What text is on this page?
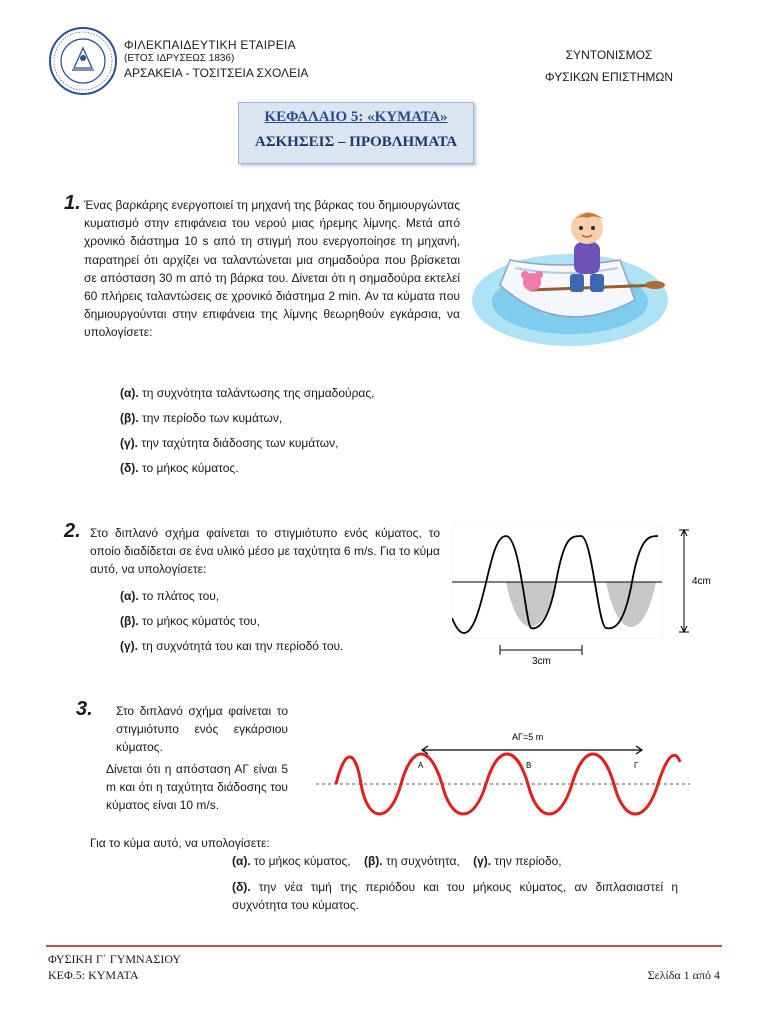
ΦΙΛΕΚΠΑΙΔΕΥΤΙΚΗ ΕΤΑΙΡΕΙΑ
(ΕΤΟΣ ΙΔΡΥΣΕΩΣ 1836)
ΑΡΣΑΚΕΙΑ - ΤΟΣΙΤΣΕΙΑ ΣΧΟΛΕΙΑ
ΣΥΝΤΟΝΙΣΜΟΣ
ΦΥΣΙΚΩΝ ΕΠΙΣΤΗΜΩΝ
ΚΕΦΑΛΑΙΟ 5: «ΚΥΜΑΤΑ»
ΑΣΚΗΣΕΙΣ – ΠΡΟΒΛΗΜΑΤΑ
1. Ένας βαρκάρης ενεργοποιεί τη μηχανή της βάρκας του δημιουργώντας κυματισμό στην επιφάνεια του νερού μιας ήρεμης λίμνης. Μετά από χρονικό διάστημα 10 s από τη στιγμή που ενεργοποίησε τη μηχανή, παρατηρεί ότι αρχίζει να ταλαντώνεται μια σημαδούρα που βρίσκεται σε απόσταση 30 m από τη βάρκα του. Δίνεται ότι η σημαδούρα εκτελεί 60 πλήρεις ταλαντώσεις σε χρονικό διάστημα 2 min. Αν τα κύματα που δημιουργούνται στην επιφάνεια της λίμνης θεωρηθούν εγκάρσια, να υπολογίσετε:
(α). τη συχνότητα ταλάντωσης της σημαδούρας,
(β). την περίοδο των κυμάτων,
(γ). την ταχύτητα διάδοσης των κυμάτων,
(δ). το μήκος κύματος.
2. Στο διπλανό σχήμα φαίνεται το στιγμιότυπο ενός κύματος, το οποίο διαδίδεται σε ένα υλικό μέσο με ταχύτητα 6 m/s. Για το κύμα αυτό, να υπολογίσετε:
(α). το πλάτος του,
(β). το μήκος κύματός του,
(γ). τη συχνότητά του και την περίοδό του.
4cm
3cm
3. Στο διπλανό σχήμα φαίνεται το στιγμιότυπο ενός εγκάρσιου κύματος.
Δίνεται ότι η απόσταση ΑΓ είναι 5 m και ότι η ταχύτητα διάδοσης του κύματος είναι 10 m/s.
Για το κύμα αυτό, να υπολογίσετε:
(α). το μήκος κύματος, (β). τη συχνότητα, (γ). την περίοδο,
(δ). την νέα τιμή της περιόδου και του μήκους κύματος, αν διπλασιαστεί η συχνότητα του κύματος.
ΑΓ=5 m
Α	Β	Γ
ΦΥΣΙΚΗ Γ΄ ΓΥΜΝΑΣΙΟΥ
ΚΕΦ.5: ΚΥΜΑΤΑ	Σελίδα 1 από 4
